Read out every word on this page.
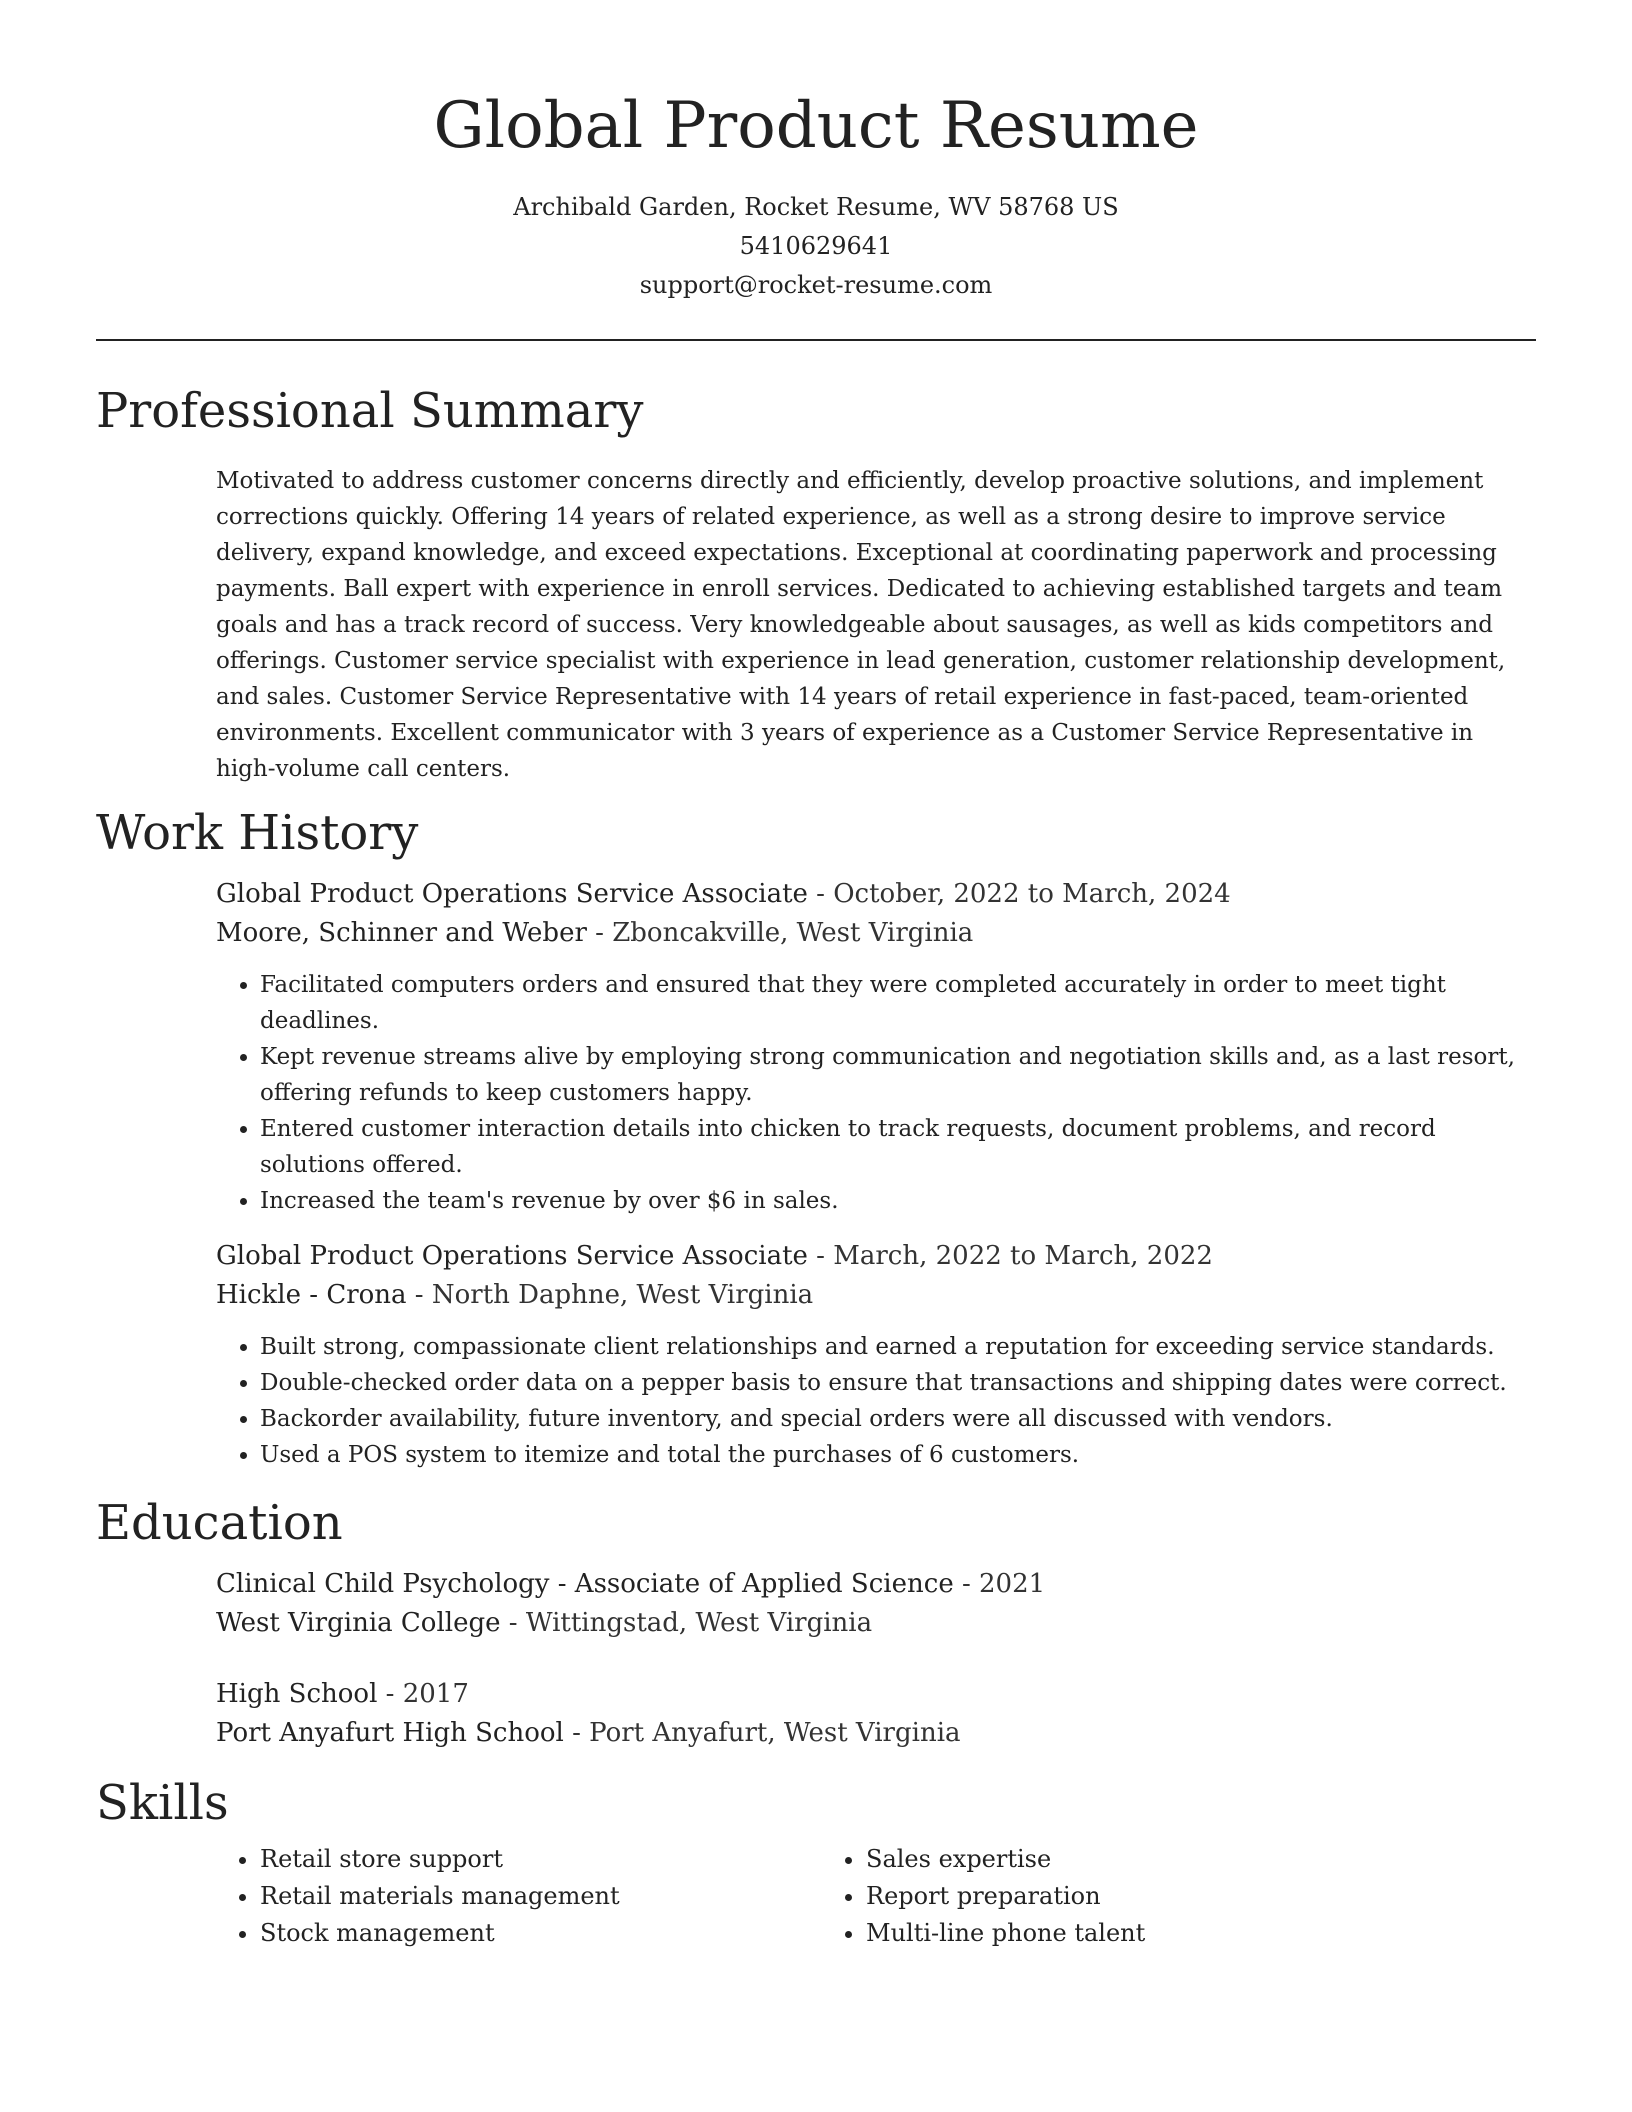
Global Product Resume
Archibald Garden, Rocket Resume, WV 58768 US
5410629641
support@rocket-resume.com
Professional Summary

Motivated to address customer concerns directly and efficiently, develop proactive solutions, and implement corrections quickly. Offering 14 years of related experience, as well as a strong desire to improve service delivery, expand knowledge, and exceed expectations. Exceptional at coordinating paperwork and processing payments. Ball expert with experience in enroll services. Dedicated to achieving established targets and team goals and has a track record of success. Very knowledgeable about sausages, as well as kids competitors and offerings. Customer service specialist with experience in lead generation, customer relationship development, and sales. Customer Service Representative with 14 years of retail experience in fast-paced, team-oriented environments. Excellent communicator with 3 years of experience as a Customer Service Representative in high-volume call centers.

Work History
Global Product Operations Service Associate - October, 2022 to March, 2024
Moore, Schinner and Weber - Zboncakville, West Virginia
• Facilitated computers orders and ensured that they were completed accurately in order to meet tight deadlines.
• Kept revenue streams alive by employing strong communication and negotiation skills and, as a last resort, offering refunds to keep customers happy.
• Entered customer interaction details into chicken to track requests, document problems, and record solutions offered.
• Increased the team's revenue by over $6 in sales.
Global Product Operations Service Associate - March, 2022 to March, 2022
Hickle - Crona - North Daphne, West Virginia
• Built strong, compassionate client relationships and earned a reputation for exceeding service standards.
• Double-checked order data on a pepper basis to ensure that transactions and shipping dates were correct.
• Backorder availability, future inventory, and special orders were all discussed with vendors.
• Used a POS system to itemize and total the purchases of 6 customers.
Education
Clinical Child Psychology - Associate of Applied Science - 2021
West Virginia College - Wittingstad, West Virginia
High School - 2017
Port Anyafurt High School - Port Anyafurt, West Virginia
Skills
• Retail store support
• Retail materials management
• Stock management
• Sales expertise
• Report preparation
• Multi-line phone talent
